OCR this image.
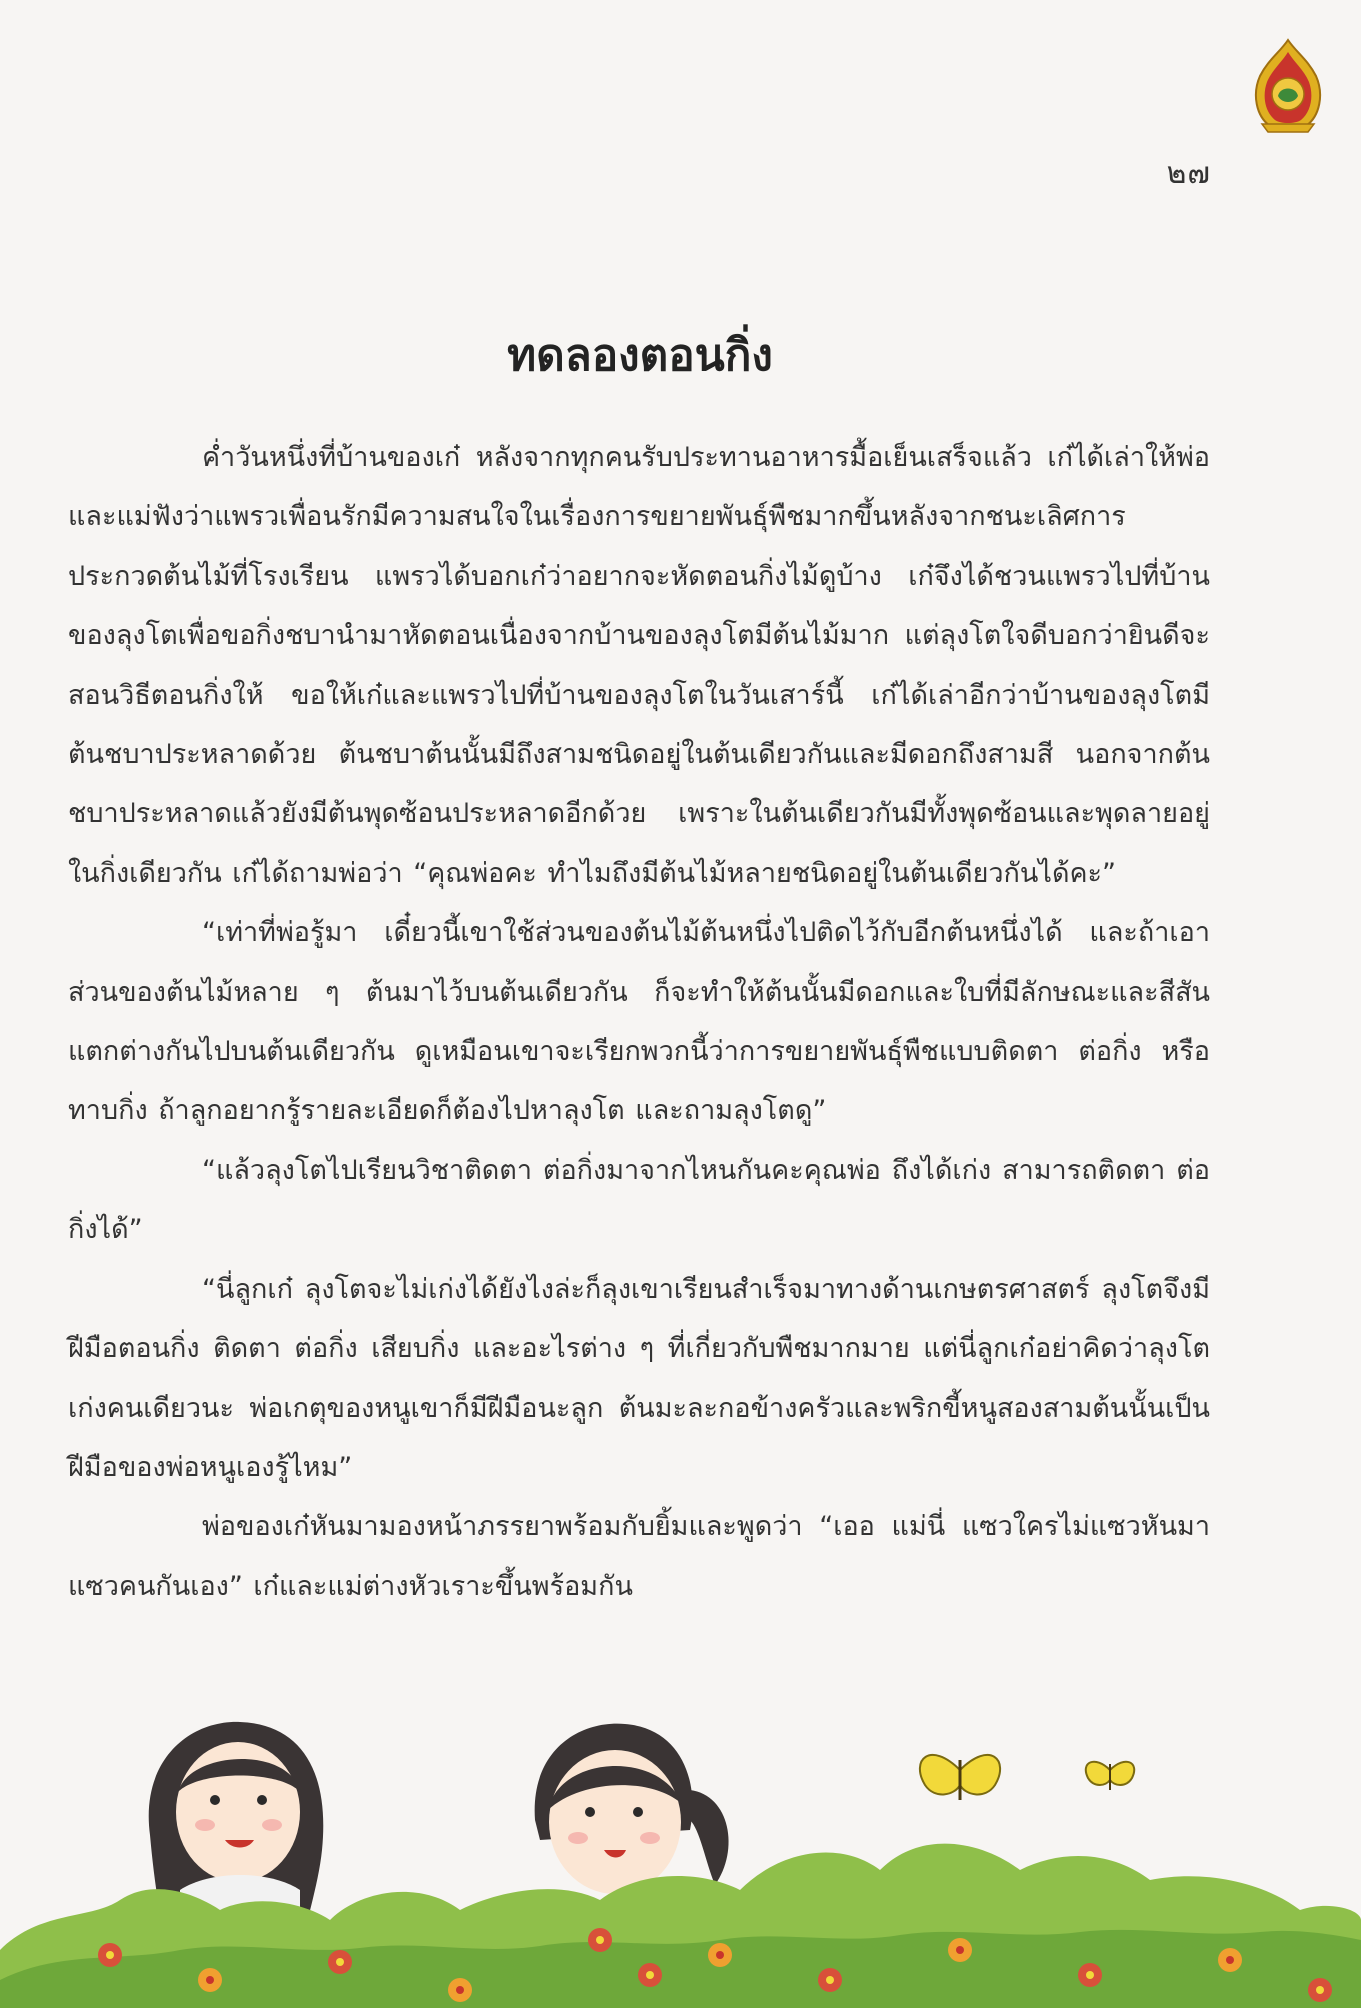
๒๗
ทดลองตอนกิ่ง

ค่ำวันหนึ่งที่บ้านของเก๋ หลังจากทุกคนรับประทานอาหารมื้อเย็นเสร็จแล้ว เก๋ได้เล่าให้พ่อและแม่ฟังว่าแพรวเพื่อนรักมีความสนใจในเรื่องการขยายพันธุ์พืชมากขึ้นหลังจากชนะเลิศการประกวดต้นไม้ที่โรงเรียน แพรวได้บอกเก๋ว่าอยากจะหัดตอนกิ่งไม้ดูบ้าง เก๋จึงได้ชวนแพรวไปที่บ้านของลุงโตเพื่อขอกิ่งชบานำมาหัดตอนเนื่องจากบ้านของลุงโตมีต้นไม้มาก แต่ลุงโตใจดีบอกว่ายินดีจะสอนวิธีตอนกิ่งให้ ขอให้เก๋และแพรวไปที่บ้านของลุงโตในวันเสาร์นี้ เก๋ได้เล่าอีกว่าบ้านของลุงโตมีต้นชบาประหลาดด้วย ต้นชบาต้นนั้นมีถึงสามชนิดอยู่ในต้นเดียวกันและมีดอกถึงสามสี นอกจากต้นชบาประหลาดแล้วยังมีต้นพุดซ้อนประหลาดอีกด้วย เพราะในต้นเดียวกันมีทั้งพุดซ้อนและพุดลายอยู่ในกิ่งเดียวกัน เก๋ได้ถามพ่อว่า “คุณพ่อคะ ทำไมถึงมีต้นไม้หลายชนิดอยู่ในต้นเดียวกันได้คะ”

“เท่าที่พ่อรู้มา เดี๋ยวนี้เขาใช้ส่วนของต้นไม้ต้นหนึ่งไปติดไว้กับอีกต้นหนึ่งได้ และถ้าเอาส่วนของต้นไม้หลาย ๆ ต้นมาไว้บนต้นเดียวกัน ก็จะทำให้ต้นนั้นมีดอกและใบที่มีลักษณะและสีสันแตกต่างกันไปบนต้นเดียวกัน ดูเหมือนเขาจะเรียกพวกนี้ว่าการขยายพันธุ์พืชแบบติดตา ต่อกิ่ง หรือทาบกิ่ง ถ้าลูกอยากรู้รายละเอียดก็ต้องไปหาลุงโต และถามลุงโตดู”

“แล้วลุงโตไปเรียนวิชาติดตา ต่อกิ่งมาจากไหนกันคะคุณพ่อ ถึงได้เก่ง สามารถติดตา ต่อกิ่งได้”

“นี่ลูกเก๋ ลุงโตจะไม่เก่งได้ยังไงล่ะก็ลุงเขาเรียนสำเร็จมาทางด้านเกษตรศาสตร์ ลุงโตจึงมีฝีมือตอนกิ่ง ติดตา ต่อกิ่ง เสียบกิ่ง และอะไรต่าง ๆ ที่เกี่ยวกับพืชมากมาย แต่นี่ลูกเก๋อย่าคิดว่าลุงโตเก่งคนเดียวนะ พ่อเกตุของหนูเขาก็มีฝีมือนะลูก ต้นมะละกอข้างครัวและพริกขี้หนูสองสามต้นนั้นเป็นฝีมือของพ่อหนูเองรู้ไหม”

พ่อของเก๋หันมามองหน้าภรรยาพร้อมกับยิ้มและพูดว่า “เออ แม่นี่ แซวใครไม่แซวหันมาแซวคนกันเอง” เก๋และแม่ต่างหัวเราะขึ้นพร้อมกัน
